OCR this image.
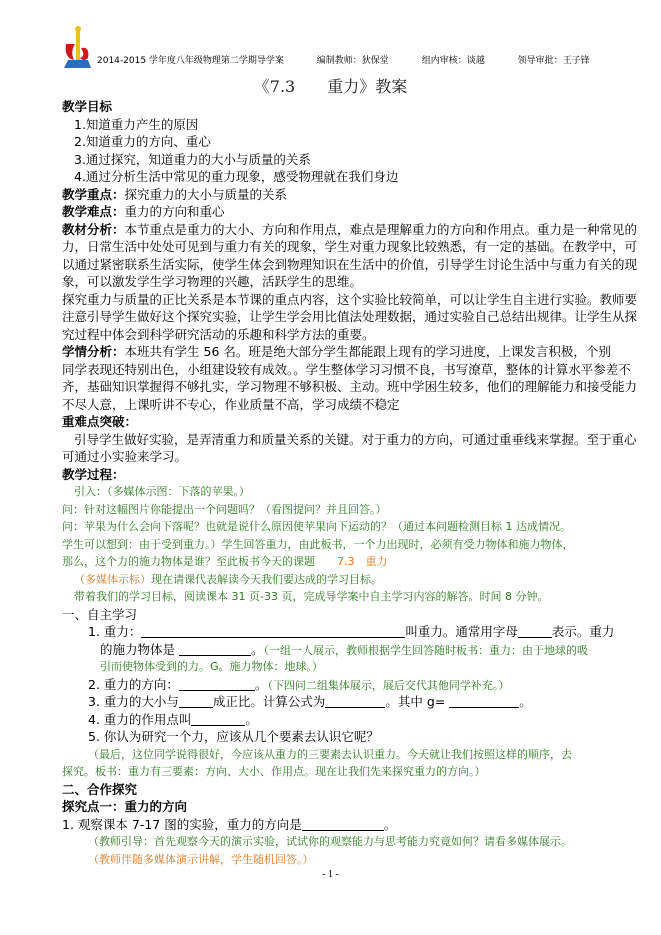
2014-2015 学年度八年级物理第二学期导学案	编制教师：狄保堂	组内审核：谈越	领导审批：王子锋
《7.3　　重力》教案
教学目标
1.知道重力产生的原因
2.知道重力的方向、重心
3.通过探究，知道重力的大小与质量的关系
4.通过分析生活中常见的重力现象，感受物理就在我们身边
教学重点：探究重力的大小与质量的关系
教学难点：重力的方向和重心
教材分析：本节重点是重力的大小、方向和作用点，难点是理解重力的方向和作用点。重力是一种常见的
力，日常生活中处处可见到与重力有关的现象，学生对重力现象比较熟悉，有一定的基础。在教学中，可
以通过紧密联系生活实际，使学生体会到物理知识在生活中的价值，引导学生讨论生活中与重力有关的现
象，可以激发学生学习物理的兴趣，活跃学生的思维。
探究重力与质量的正比关系是本节课的重点内容，这个实验比较简单，可以让学生自主进行实验。教师要
注意引导学生做好这个探究实验，让学生学会用比值法处理数据，通过实验自己总结出规律。让学生从探
究过程中体会到科学研究活动的乐趣和科学方法的重要。
学情分析：本班共有学生 56 名。班是绝大部分学生都能跟上现有的学习进度，上课发言积极，个别
同学表现还特别出色，小组建设较有成效。。学生整体学习习惯不良，书写潦草，整体的计算水平参差不
齐，基础知识掌握得不够扎实，学习物理不够积极、主动。班中学困生较多，他们的理解能力和接受能力
不尽人意，上课听讲不专心，作业质量不高，学习成绩不稳定
重难点突破：
引导学生做好实验，是弄清重力和质量关系的关键。对于重力的方向，可通过重垂线来掌握。至于重心
可通过小实验来学习。
教学过程：
引入：（多媒体示图：下落的苹果。）
问：针对这幅图片你能提出一个问题吗？（看图提问？并且回答。）
问：苹果为什么会向下落呢？也就是说什么原因使苹果向下运动的？（通过本问题检测目标 1 达成情况。
学生可以想到：由于受到重力。）学生回答重力，由此板书，一个力出现时，必须有受力物体和施力物体，
那么，这个力的施力物体是谁？至此板书今天的课题 7.3　重力
（多媒体示标）现在请课代表解读今天我们要达成的学习目标。
带着我们的学习目标，阅读课本 31 页-33 页，完成导学案中自主学习内容的解答。时间 8 分钟。
一、自主学习
1. 重力：	叫重力。通常用字母	表示。重力
的施力物体是	。（一组一人展示，教师根据学生回答随时板书：重力：由于地球的吸
引而使物体受到的力。G。施力物体：地球。）
2. 重力的方向：	。（下四问二组集体展示，展后交代其他同学补充。）
3. 重力的大小与	成正比。计算公式为	。其中 g=	。
4. 重力的作用点叫	。
5. 你认为研究一个力，应该从几个要素去认识它呢？
（最后，这位同学说得很好，今应该从重力的三要素去认识重力。今天就让我们按照这样的顺序，去
探究。板书：重力有三要素：方向、大小、作用点。现在让我们先来探究重力的方向。）
二、合作探究
探究点一：重力的方向
1. 观察课本 7-17 图的实验，重力的方向是	。
（教师引导：首先观察今天的演示实验，试试你的观察能力与思考能力究竟如何？请看多媒体展示。
（教师伴随多媒体演示讲解，学生随机回答。）
- 1 -
